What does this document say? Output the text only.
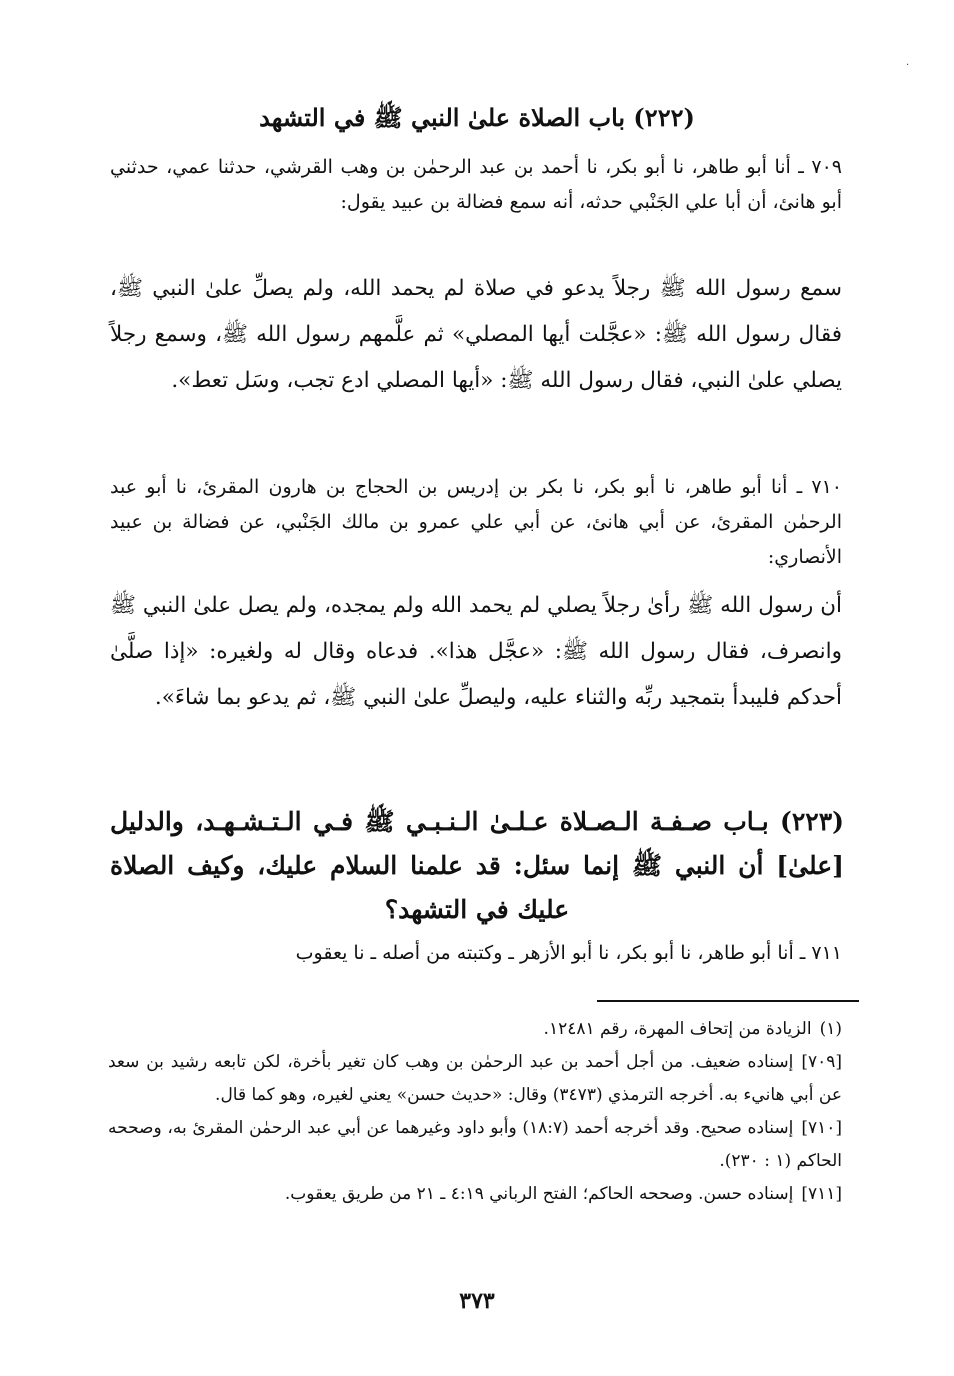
·
(٢٢٢) باب الصلاة علىٰ النبي ﷺ في التشهد

٧٠٩ ـ أنا أبو طاهر، نا أبو بكر، نا أحمد بن عبد الرحمٰن بن وهب القرشي، حدثنا عمي، حدثني أبو هانئ، أن أبا علي الجَنْبي حدثه، أنه سمع فضالة بن عبيد يقول:

سمع رسول الله ﷺ رجلاً يدعو في صلاة لم يحمد الله، ولم يصلِّ علىٰ النبي ﷺ، فقال رسول الله ﷺ: «عجَّلت أيها المصلي» ثم علَّمهم رسول الله ﷺ، وسمع رجلاً يصلي علىٰ النبي، فقال رسول الله ﷺ: «أيها المصلي ادع تجب، وسَل تعط».

٧١٠ ـ أنا أبو طاهر، نا أبو بكر، نا بكر بن إدريس بن الحجاج بن هارون المقرئ، نا أبو عبد الرحمٰن المقرئ، عن أبي هانئ، عن أبي علي عمرو بن مالك الجَنْبي، عن فضالة بن عبيد الأنصاري:

أن رسول الله ﷺ رأىٰ رجلاً يصلي لم يحمد الله ولم يمجده، ولم يصل علىٰ النبي ﷺ وانصرف، فقال رسول الله ﷺ: «عجَّل هذا». فدعاه وقال له ولغيره: «إذا صلَّىٰ أحدكم فليبدأ بتمجيد ربِّه والثناء عليه، وليصلِّ علىٰ النبي ﷺ، ثم يدعو بما شاءَ».

(٢٢٣) بـاب صـفـة الـصـلاة عـلـىٰ الـنـبـي ﷺ فـي الـتـشـهـد، والدليل [علىٰ] أن النبي ﷺ إنما سئل: قد علمنا السلام عليك، وكيف الصلاة عليك في التشهد؟

٧١١ ـ أنا أبو طاهر، نا أبو بكر، نا أبو الأزهر ـ وكتبته من أصله ـ نا يعقوب

(١)الزيادة من إتحاف المهرة، رقم ١٢٤٨١.
[٧٠٩]إسناده ضعيف. من أجل أحمد بن عبد الرحمٰن بن وهب كان تغير بأخرة، لكن تابعه رشيد بن سعد عن أبي هانيء به. أخرجه الترمذي (٣٤٧٣) وقال: «حديث حسن» يعني لغيره، وهو كما قال.
[٧١٠]إسناده صحيح. وقد أخرجه أحمد (١٨:٧) وأبو داود وغيرهما عن أبي عبد الرحمٰن المقرئ به، وصححه الحاكم (١ : ٢٣٠).
[٧١١]إسناده حسن. وصححه الحاكم؛ الفتح الرباني ٤:١٩ ـ ٢١ من طريق يعقوب.
٣٧٣
